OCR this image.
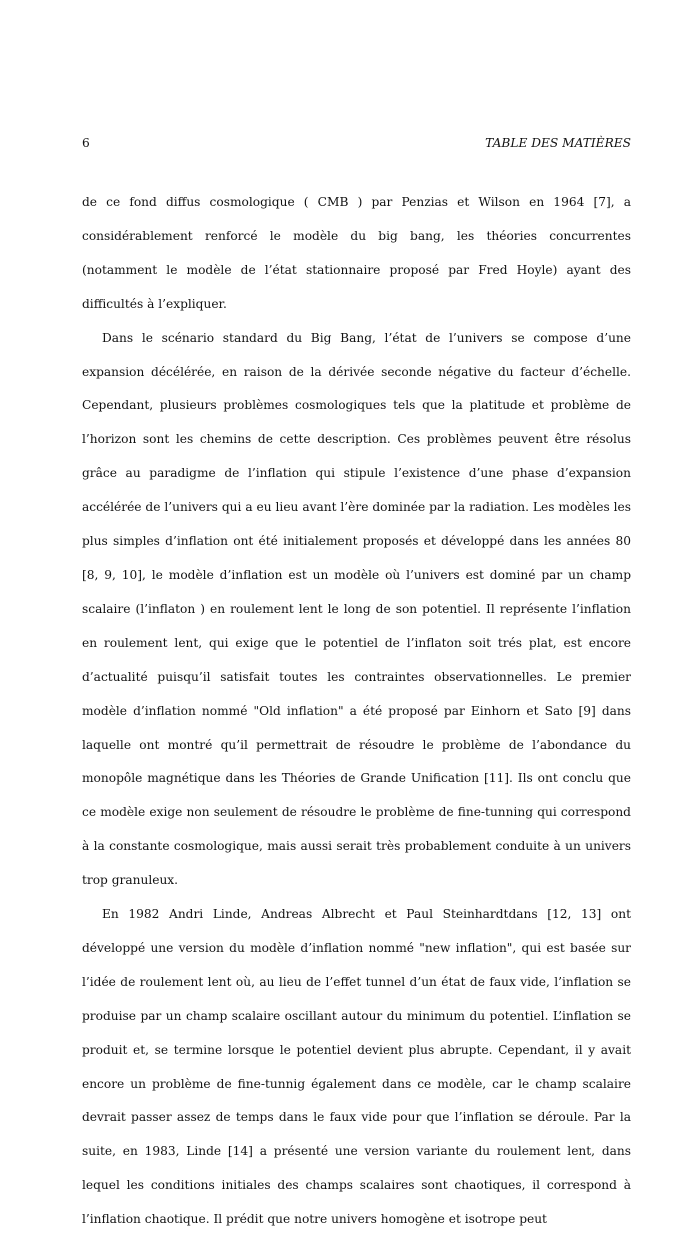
6	TABLE DES MATIÈRES

de ce fond diffus cosmologique ( CMB ) par Penzias et Wilson en 1964 [7], a considérablement renforcé le modèle du big bang, les théories concurrentes (notamment le modèle de l’état stationnaire proposé par Fred Hoyle) ayant des difficultés à l’expliquer.

Dans le scénario standard du Big Bang, l’état de l’univers se compose d’une expansion décélérée, en raison de la dérivée seconde négative du facteur d’échelle. Cependant, plusieurs problèmes cosmologiques tels que la platitude et problème de l’horizon sont les chemins de cette description. Ces problèmes peuvent être résolus grâce au paradigme de l’inflation qui stipule l’existence d’une phase d’expansion accélérée de l’univers qui a eu lieu avant l’ère dominée par la radiation. Les modèles les plus simples d’inflation ont été initialement proposés et développé dans les années 80 [8, 9, 10], le modèle d’inflation est un modèle où l’univers est dominé par un champ scalaire (l’inflaton ) en roulement lent le long de son potentiel. Il représente l’inflation en roulement lent, qui exige que le potentiel de l’inflaton soit trés plat, est encore d’actualité puisqu’il satisfait toutes les contraintes observationnelles. Le premier modèle d’inflation nommé "Old inflation" a été proposé par Einhorn et Sato [9] dans laquelle ont montré qu’il permettrait de résoudre le problème de l’abondance du monopôle magnétique dans les Théories de Grande Unification [11]. Ils ont conclu que ce modèle exige non seulement de résoudre le problème de fine-tunning qui correspond à la constante cosmologique, mais aussi serait très probablement conduite à un univers trop granuleux.

En 1982 Andri Linde, Andreas Albrecht et Paul Steinhardtdans [12, 13] ont développé une version du modèle d’inflation nommé "new inflation", qui est basée sur l’idée de roulement lent où, au lieu de l’effet tunnel d’un état de faux vide, l’inflation se produise par un champ scalaire oscillant autour du minimum du potentiel. L’inflation se produit et, se termine lorsque le potentiel devient plus abrupte. Cependant, il y avait encore un problème de fine-tunnig également dans ce modèle, car le champ scalaire devrait passer assez de temps dans le faux vide pour que l’inflation se déroule. Par la suite, en 1983, Linde [14] a présenté une version variante du roulement lent, dans lequel les conditions initiales des champs scalaires sont chaotiques, il correspond à l’inflation chaotique. Il prédit que notre univers homogène et isotrope peut
